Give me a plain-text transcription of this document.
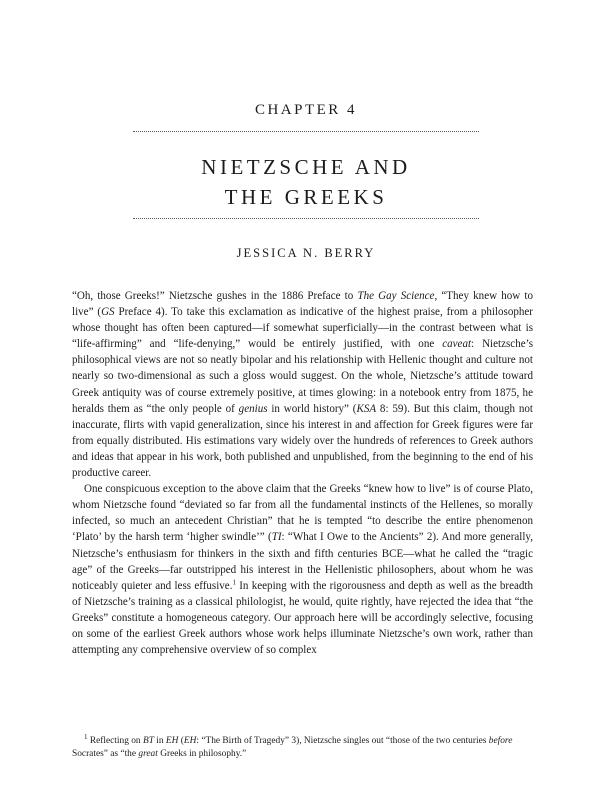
CHAPTER 4
NIETZSCHE AND
THE GREEKS
JESSICA N. BERRY

“Oh, those Greeks!” Nietzsche gushes in the 1886 Preface to The Gay Science, “They knew how to live” (GS Preface 4). To take this exclamation as indicative of the highest praise, from a philosopher whose thought has often been captured—if somewhat superficially—in the contrast between what is “life-affirming” and “life-denying,” would be entirely justified, with one caveat: Nietzsche’s philosophical views are not so neatly bipolar and his relationship with Hellenic thought and culture not nearly so two-dimensional as such a gloss would suggest. On the whole, Nietzsche’s attitude toward Greek antiquity was of course extremely positive, at times glowing: in a notebook entry from 1875, he heralds them as “the only people of genius in world history” (KSA 8: 59). But this claim, though not inaccurate, flirts with vapid generalization, since his interest in and affection for Greek figures were far from equally distributed. His estimations vary widely over the hundreds of references to Greek authors and ideas that appear in his work, both published and unpublished, from the beginning to the end of his productive career.

One conspicuous exception to the above claim that the Greeks “knew how to live” is of course Plato, whom Nietzsche found “deviated so far from all the fundamental instincts of the Hellenes, so morally infected, so much an antecedent Christian” that he is tempted “to describe the entire phenomenon ‘Plato’ by the harsh term ‘higher swindle’” (TI: “What I Owe to the Ancients” 2). And more generally, Nietzsche’s enthusiasm for thinkers in the sixth and fifth centuries BCE—what he called the “tragic age” of the Greeks—far outstripped his interest in the Hellenistic philosophers, about whom he was noticeably quieter and less effusive.$^1$ In keeping with the rigorousness and depth as well as the breadth of Nietzsche’s training as a classical philologist, he would, quite rightly, have rejected the idea that “the Greeks” constitute a homogeneous category. Our approach here will be accordingly selective, focusing on some of the earliest Greek authors whose work helps illuminate Nietzsche’s own work, rather than attempting any comprehensive overview of so complex

$^1$ Reflecting on BT in EH (EH: “The Birth of Tragedy” 3), Nietzsche singles out “those of the two centuries before Socrates” as “the great Greeks in philosophy.”
